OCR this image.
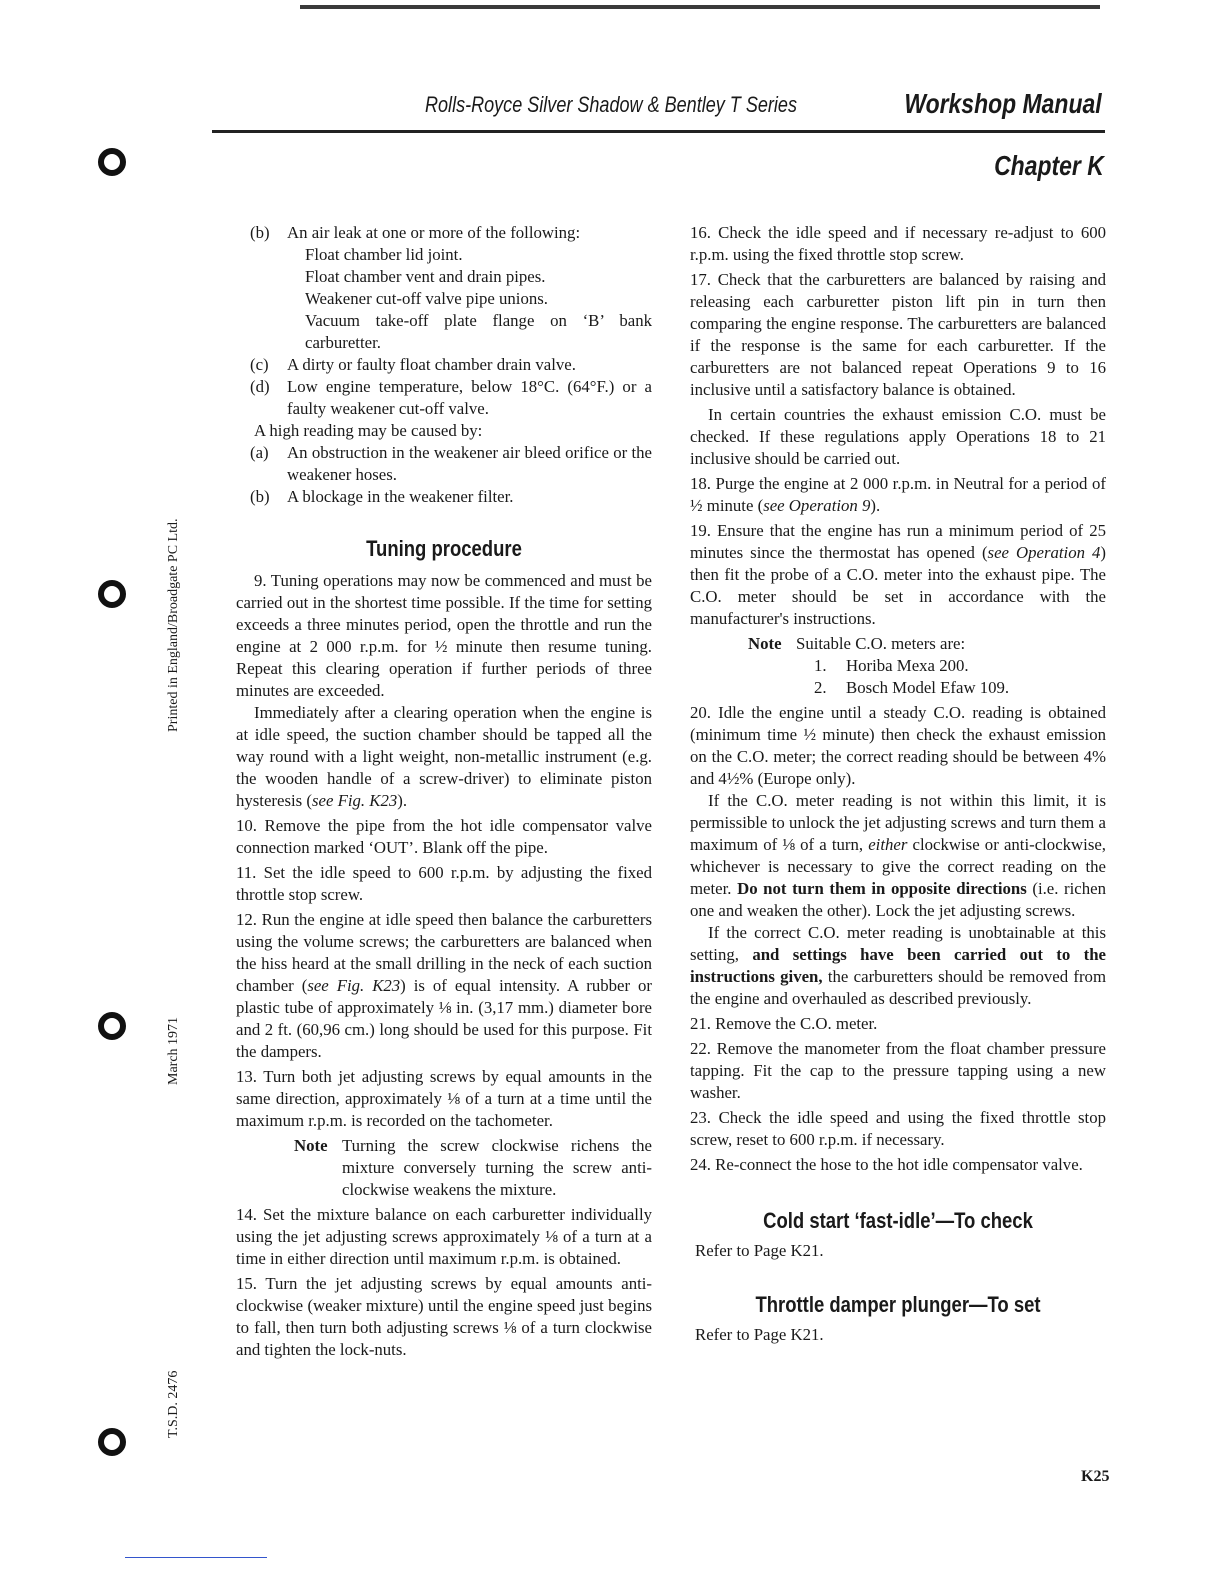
Rolls-Royce Silver Shadow & Bentley T Series	Workshop Manual
Chapter K
Printed in England/Broadgate PC Ltd.
March 1971
T.S.D. 2476
(b) An air leak at one or more of the following:
Float chamber lid joint.
Float chamber vent and drain pipes.
Weakener cut-off valve pipe unions.
Vacuum take-off plate flange on ‘B’ bank carburetter.
(c) A dirty or faulty float chamber drain valve.
(d) Low engine temperature, below 18°C. (64°F.) or a faulty weakener cut-off valve.

A high reading may be caused by:

(a) An obstruction in the weakener air bleed orifice or the weakener hoses.
(b) A blockage in the weakener filter.
Tuning procedure

9. Tuning operations may now be commenced and must be carried out in the shortest time possible. If the time for setting exceeds a three minutes period, open the throttle and run the engine at 2 000 r.p.m. for ½ minute then resume tuning. Repeat this clearing operation if further periods of three minutes are exceeded.

Immediately after a clearing operation when the engine is at idle speed, the suction chamber should be tapped all the way round with a light weight, non-metallic instrument (e.g. the wooden handle of a screw-driver) to eliminate piston hysteresis (see Fig. K23).

10. Remove the pipe from the hot idle compensator valve connection marked ‘OUT’. Blank off the pipe.

11. Set the idle speed to 600 r.p.m. by adjusting the fixed throttle stop screw.

12. Run the engine at idle speed then balance the carburetters using the volume screws; the carburetters are balanced when the hiss heard at the small drilling in the neck of each suction chamber (see Fig. K23) is of equal intensity. A rubber or plastic tube of approximately ⅛ in. (3,17 mm.) diameter bore and 2 ft. (60,96 cm.) long should be used for this purpose. Fit the dampers.

13. Turn both jet adjusting screws by equal amounts in the same direction, approximately ⅛ of a turn at a time until the maximum r.p.m. is recorded on the tachometer.

Note Turning the screw clockwise richens the mixture conversely turning the screw anti-clockwise weakens the mixture.

14. Set the mixture balance on each carburetter individually using the jet adjusting screws approximately ⅛ of a turn at a time in either direction until maximum r.p.m. is obtained.

15. Turn the jet adjusting screws by equal amounts anti-clockwise (weaker mixture) until the engine speed just begins to fall, then turn both adjusting screws ⅛ of a turn clockwise and tighten the lock-nuts.

16. Check the idle speed and if necessary re-adjust to 600 r.p.m. using the fixed throttle stop screw.

17. Check that the carburetters are balanced by raising and releasing each carburetter piston lift pin in turn then comparing the engine response. The carburetters are balanced if the response is the same for each carburetter. If the carburetters are not balanced repeat Operations 9 to 16 inclusive until a satisfactory balance is obtained.

In certain countries the exhaust emission C.O. must be checked. If these regulations apply Operations 18 to 21 inclusive should be carried out.

18. Purge the engine at 2 000 r.p.m. in Neutral for a period of ½ minute (see Operation 9).

19. Ensure that the engine has run a minimum period of 25 minutes since the thermostat has opened (see Operation 4) then fit the probe of a C.O. meter into the exhaust pipe. The C.O. meter should be set in accordance with the manufacturer's instructions.

Note Suitable C.O. meters are:
1. Horiba Mexa 200.
2. Bosch Model Efaw 109.

20. Idle the engine until a steady C.O. reading is obtained (minimum time ½ minute) then check the exhaust emission on the C.O. meter; the correct reading should be between 4% and 4½% (Europe only).

If the C.O. meter reading is not within this limit, it is permissible to unlock the jet adjusting screws and turn them a maximum of ⅛ of a turn, either clockwise or anti-clockwise, whichever is necessary to give the correct reading on the meter. Do not turn them in opposite directions (i.e. richen one and weaken the other). Lock the jet adjusting screws.

If the correct C.O. meter reading is unobtainable at this setting, and settings have been carried out to the instructions given, the carburetters should be removed from the engine and overhauled as described previously.

21. Remove the C.O. meter.

22. Remove the manometer from the float chamber pressure tapping. Fit the cap to the pressure tapping using a new washer.

23. Check the idle speed and using the fixed throttle stop screw, reset to 600 r.p.m. if necessary.

24. Re-connect the hose to the hot idle compensator valve.

Cold start ‘fast-idle’—To check

Refer to Page K21.

Throttle damper plunger—To set

Refer to Page K21.

K25
